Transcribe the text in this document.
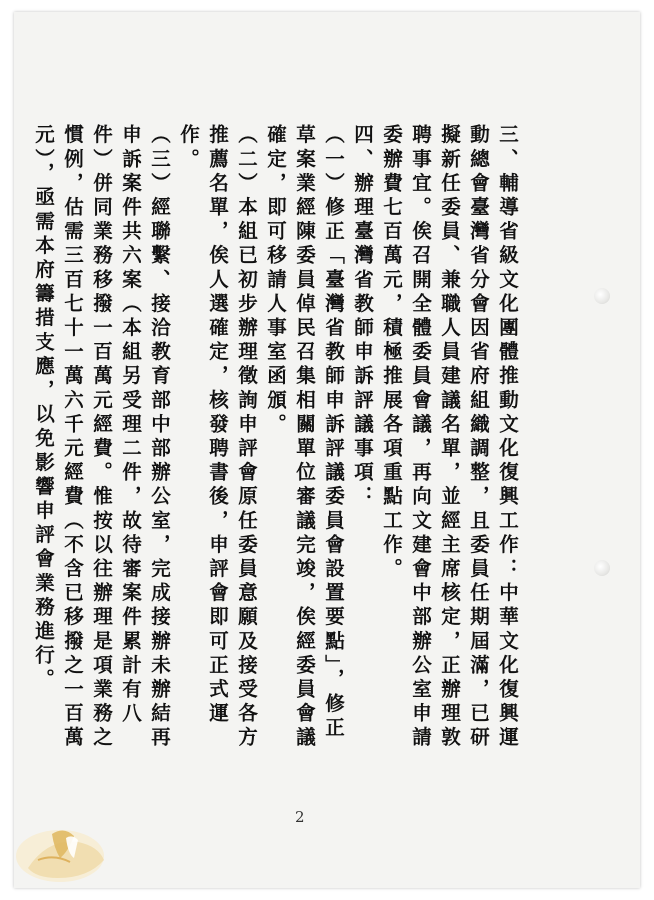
三、輔導省級文化團體推動文化復興工作：中華文化復興運動總會臺灣省分會因省府組織調整，且委員任期屆滿，已研擬新任委員、兼職人員建議名單，並經主席核定，正辦理敦聘事宜。俟召開全體委員會議，再向文建會中部辦公室申請委辦費七百萬元，積極推展各項重點工作。

四、辦理臺灣省教師申訴評議事項：

（一）修正「臺灣省教師申訴評議委員會設置要點」，修正草案業經陳委員倬民召集相關單位審議完竣，俟經委員會議確定，即可移請人事室函頒。

（二）本組已初步辦理徵詢申評會原任委員意願及接受各方推薦名單，俟人選確定，核發聘書後，申評會即可正式運作。

（三）經聯繫、接洽教育部中部辦公室，完成接辦未辦結再申訴案件共六案（本組另受理二件，故待審案件累計有八件）併同業務移撥一百萬元經費。惟按以往辦理是項業務之慣例，估需三百七十一萬六千元經費（不含已移撥之一百萬元），亟需本府籌措支應，以免影響申評會業務進行。

2
